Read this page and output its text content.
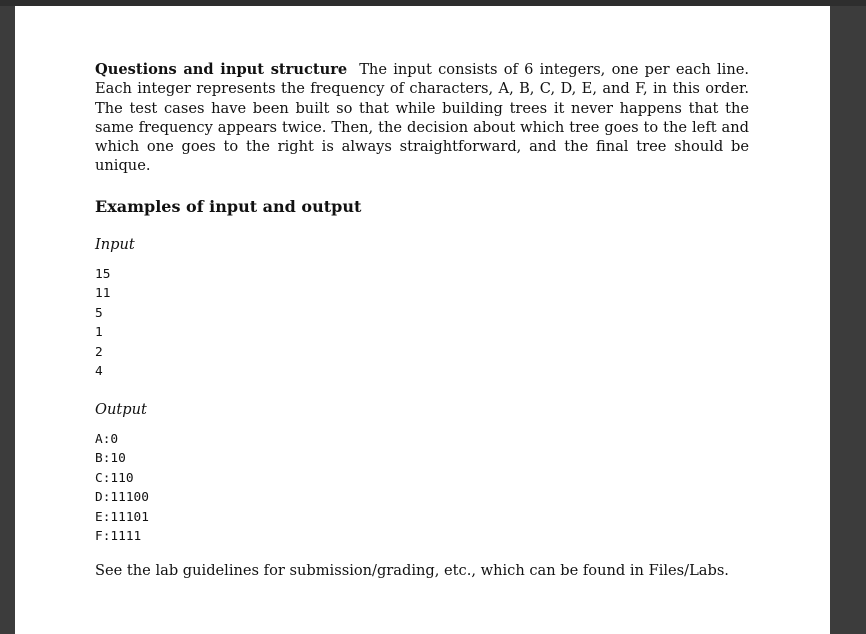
Questions and input structure The input consists of 6 integers, one per each line. Each integer represents the frequency of characters, A, B, C, D, E, and F, in this order. The test cases have been built so that while building trees it never happens that the same frequency appears twice. Then, the decision about which tree goes to the left and which one goes to the right is always straightforward, and the final tree should be unique.

Examples of input and output
Input
15
11
5
1
2
4
Output
A:0
B:10
C:110
D:11100
E:11101
F:1111

See the lab guidelines for submission/grading, etc., which can be found in Files/Labs.
